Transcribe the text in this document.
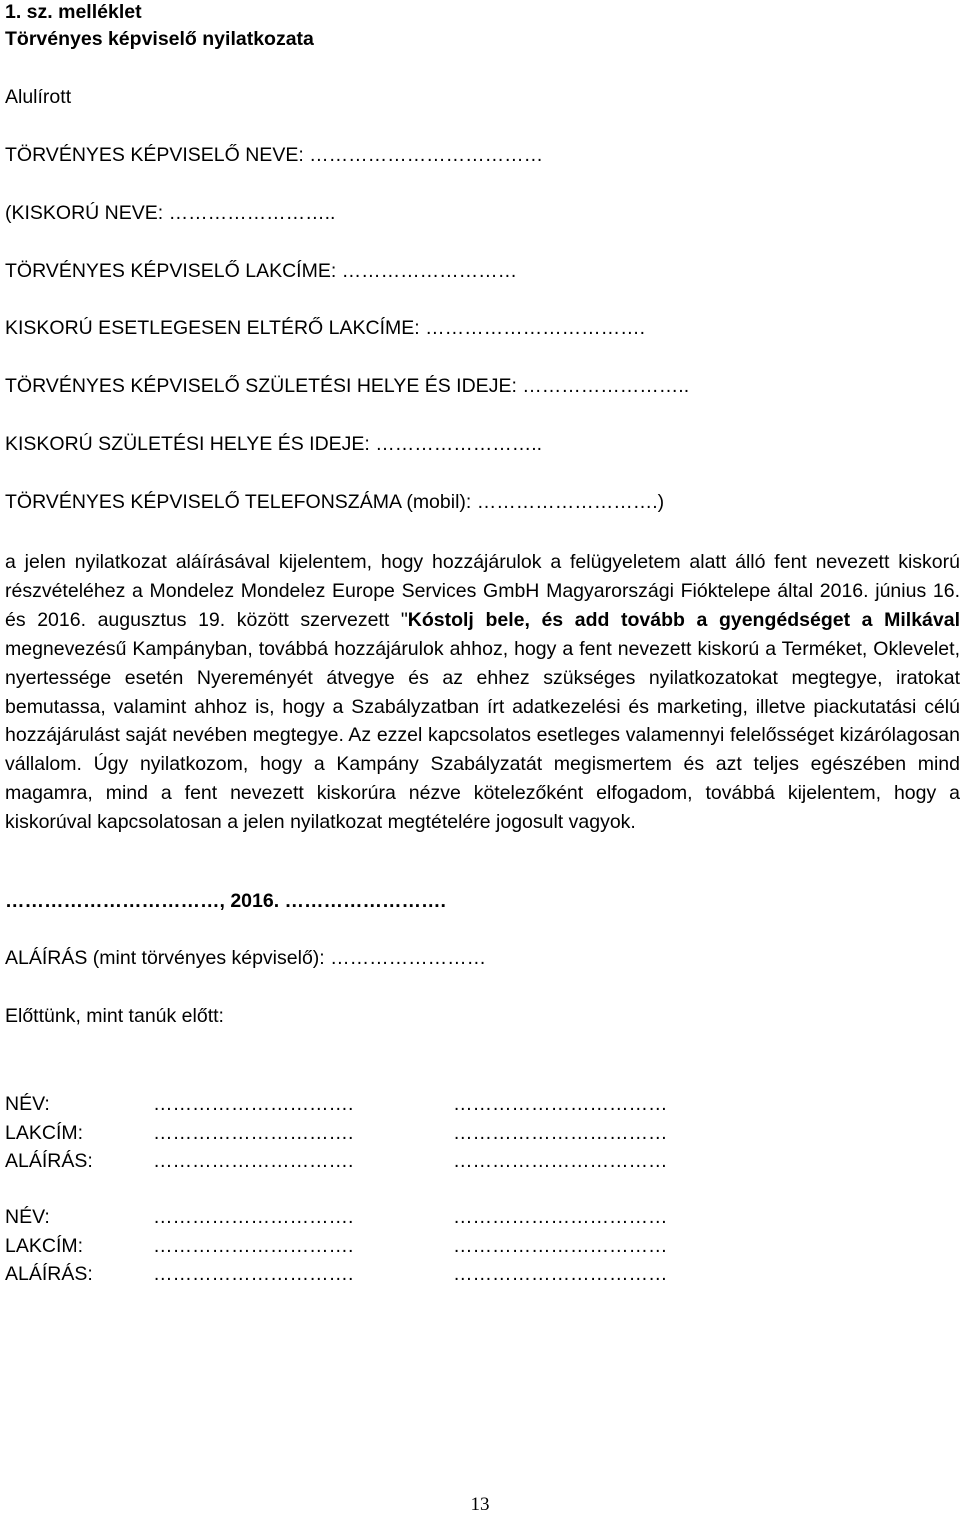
1. sz. melléklet
Törvényes képviselő nyilatkozata
Alulírott
TÖRVÉNYES KÉPVISELŐ NEVE: ………………………………
(KISKORÚ NEVE: ……………………..
TÖRVÉNYES KÉPVISELŐ LAKCÍME: ………………………
KISKORÚ ESETLEGESEN ELTÉRŐ LAKCÍME: …………………………….
TÖRVÉNYES KÉPVISELŐ SZÜLETÉSI HELYE ÉS IDEJE: ……………………..
KISKORÚ SZÜLETÉSI HELYE ÉS IDEJE: ……………………..
TÖRVÉNYES KÉPVISELŐ TELEFONSZÁMA (mobil): ……………………….)

a jelen nyilatkozat aláírásával kijelentem, hogy hozzájárulok a felügyeletem alatt álló fent nevezett kiskorú részvételéhez a Mondelez Mondelez Europe Services GmbH Magyarországi Fióktelepe által 2016. június 16. és 2016. augusztus 19. között szervezett "Kóstolj bele, és add tovább a gyengédséget a Milkával megnevezésű Kampányban, továbbá hozzájárulok ahhoz, hogy a fent nevezett kiskorú a Terméket, Oklevelet, nyertessége esetén Nyereményét átvegye és az ehhez szükséges nyilatkozatokat megtegye, iratokat bemutassa, valamint ahhoz is, hogy a Szabályzatban írt adatkezelési és marketing, illetve piackutatási célú hozzájárulást saját nevében megtegye. Az ezzel kapcsolatos esetleges valamennyi felelősséget kizárólagosan vállalom. Úgy nyilatkozom, hogy a Kampány Szabályzatát megismertem és azt teljes egészében mind magamra, mind a fent nevezett kiskorúra nézve kötelezőként elfogadom, továbbá kijelentem, hogy a kiskorúval kapcsolatosan a jelen nyilatkozat megtételére jogosult vagyok.

……………………………, 2016. …………………….
ALÁÍRÁS (mint törvényes képviselő): ……………………
Előttünk, mint tanúk előtt:
NÉV:	………………………….	……………………………
LAKCÍM:	………………………….	……………………………
ALÁÍRÁS:	………………………….	……………………………
NÉV:	………………………….	……………………………
LAKCÍM:	………………………….	……………………………
ALÁÍRÁS:	………………………….	……………………………
13
